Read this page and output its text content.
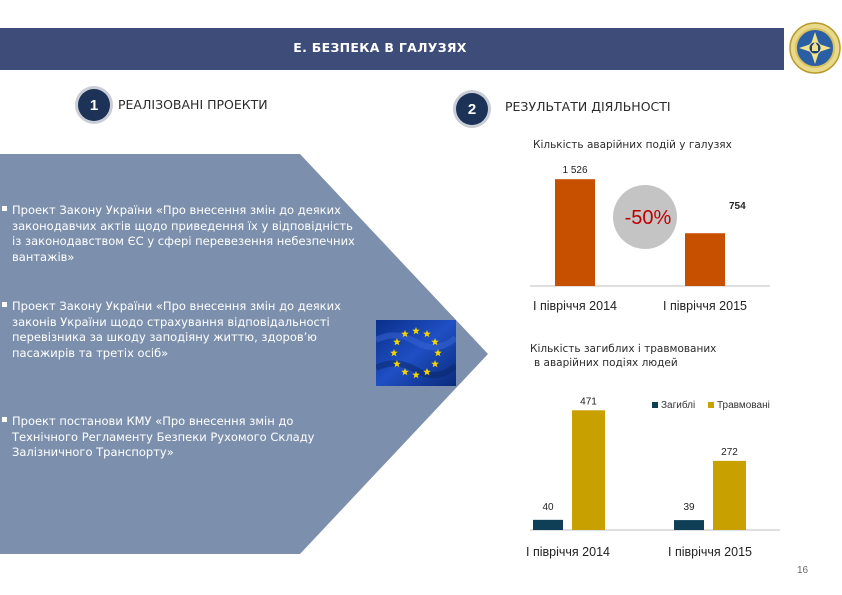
Е. БЕЗПЕКА В ГАЛУЗЯХ
1	РЕАЛІЗОВАНІ ПРОЕКТИ	2	РЕЗУЛЬТАТИ ДІЯЛЬНОСТІ
Проект Закону України «Про внесення змін до деяких законодавчих актів щодо приведення їх у відповідність із законодавством ЄС у сфері перевезення небезпечних вантажів»
Проект Закону України «Про внесення змін до деяких законів України щодо страхування відповідальності перевізника за шкоду заподіяну життю, здоров’ю пасажирів та третіх осіб»
Проект постанови КМУ «Про внесення змін до Технічного Регламенту Безпеки Рухомого Складу Залізничного Транспорту»
Кількість аварійних подій у галузях
1 526
754
І півріччя 2014	І півріччя 2015
-50%
Кількість загиблих і травмованих
в аварійних подіях людей
40
471
39
272
І півріччя 2014	І півріччя 2015
Загиблі Травмовані
16
